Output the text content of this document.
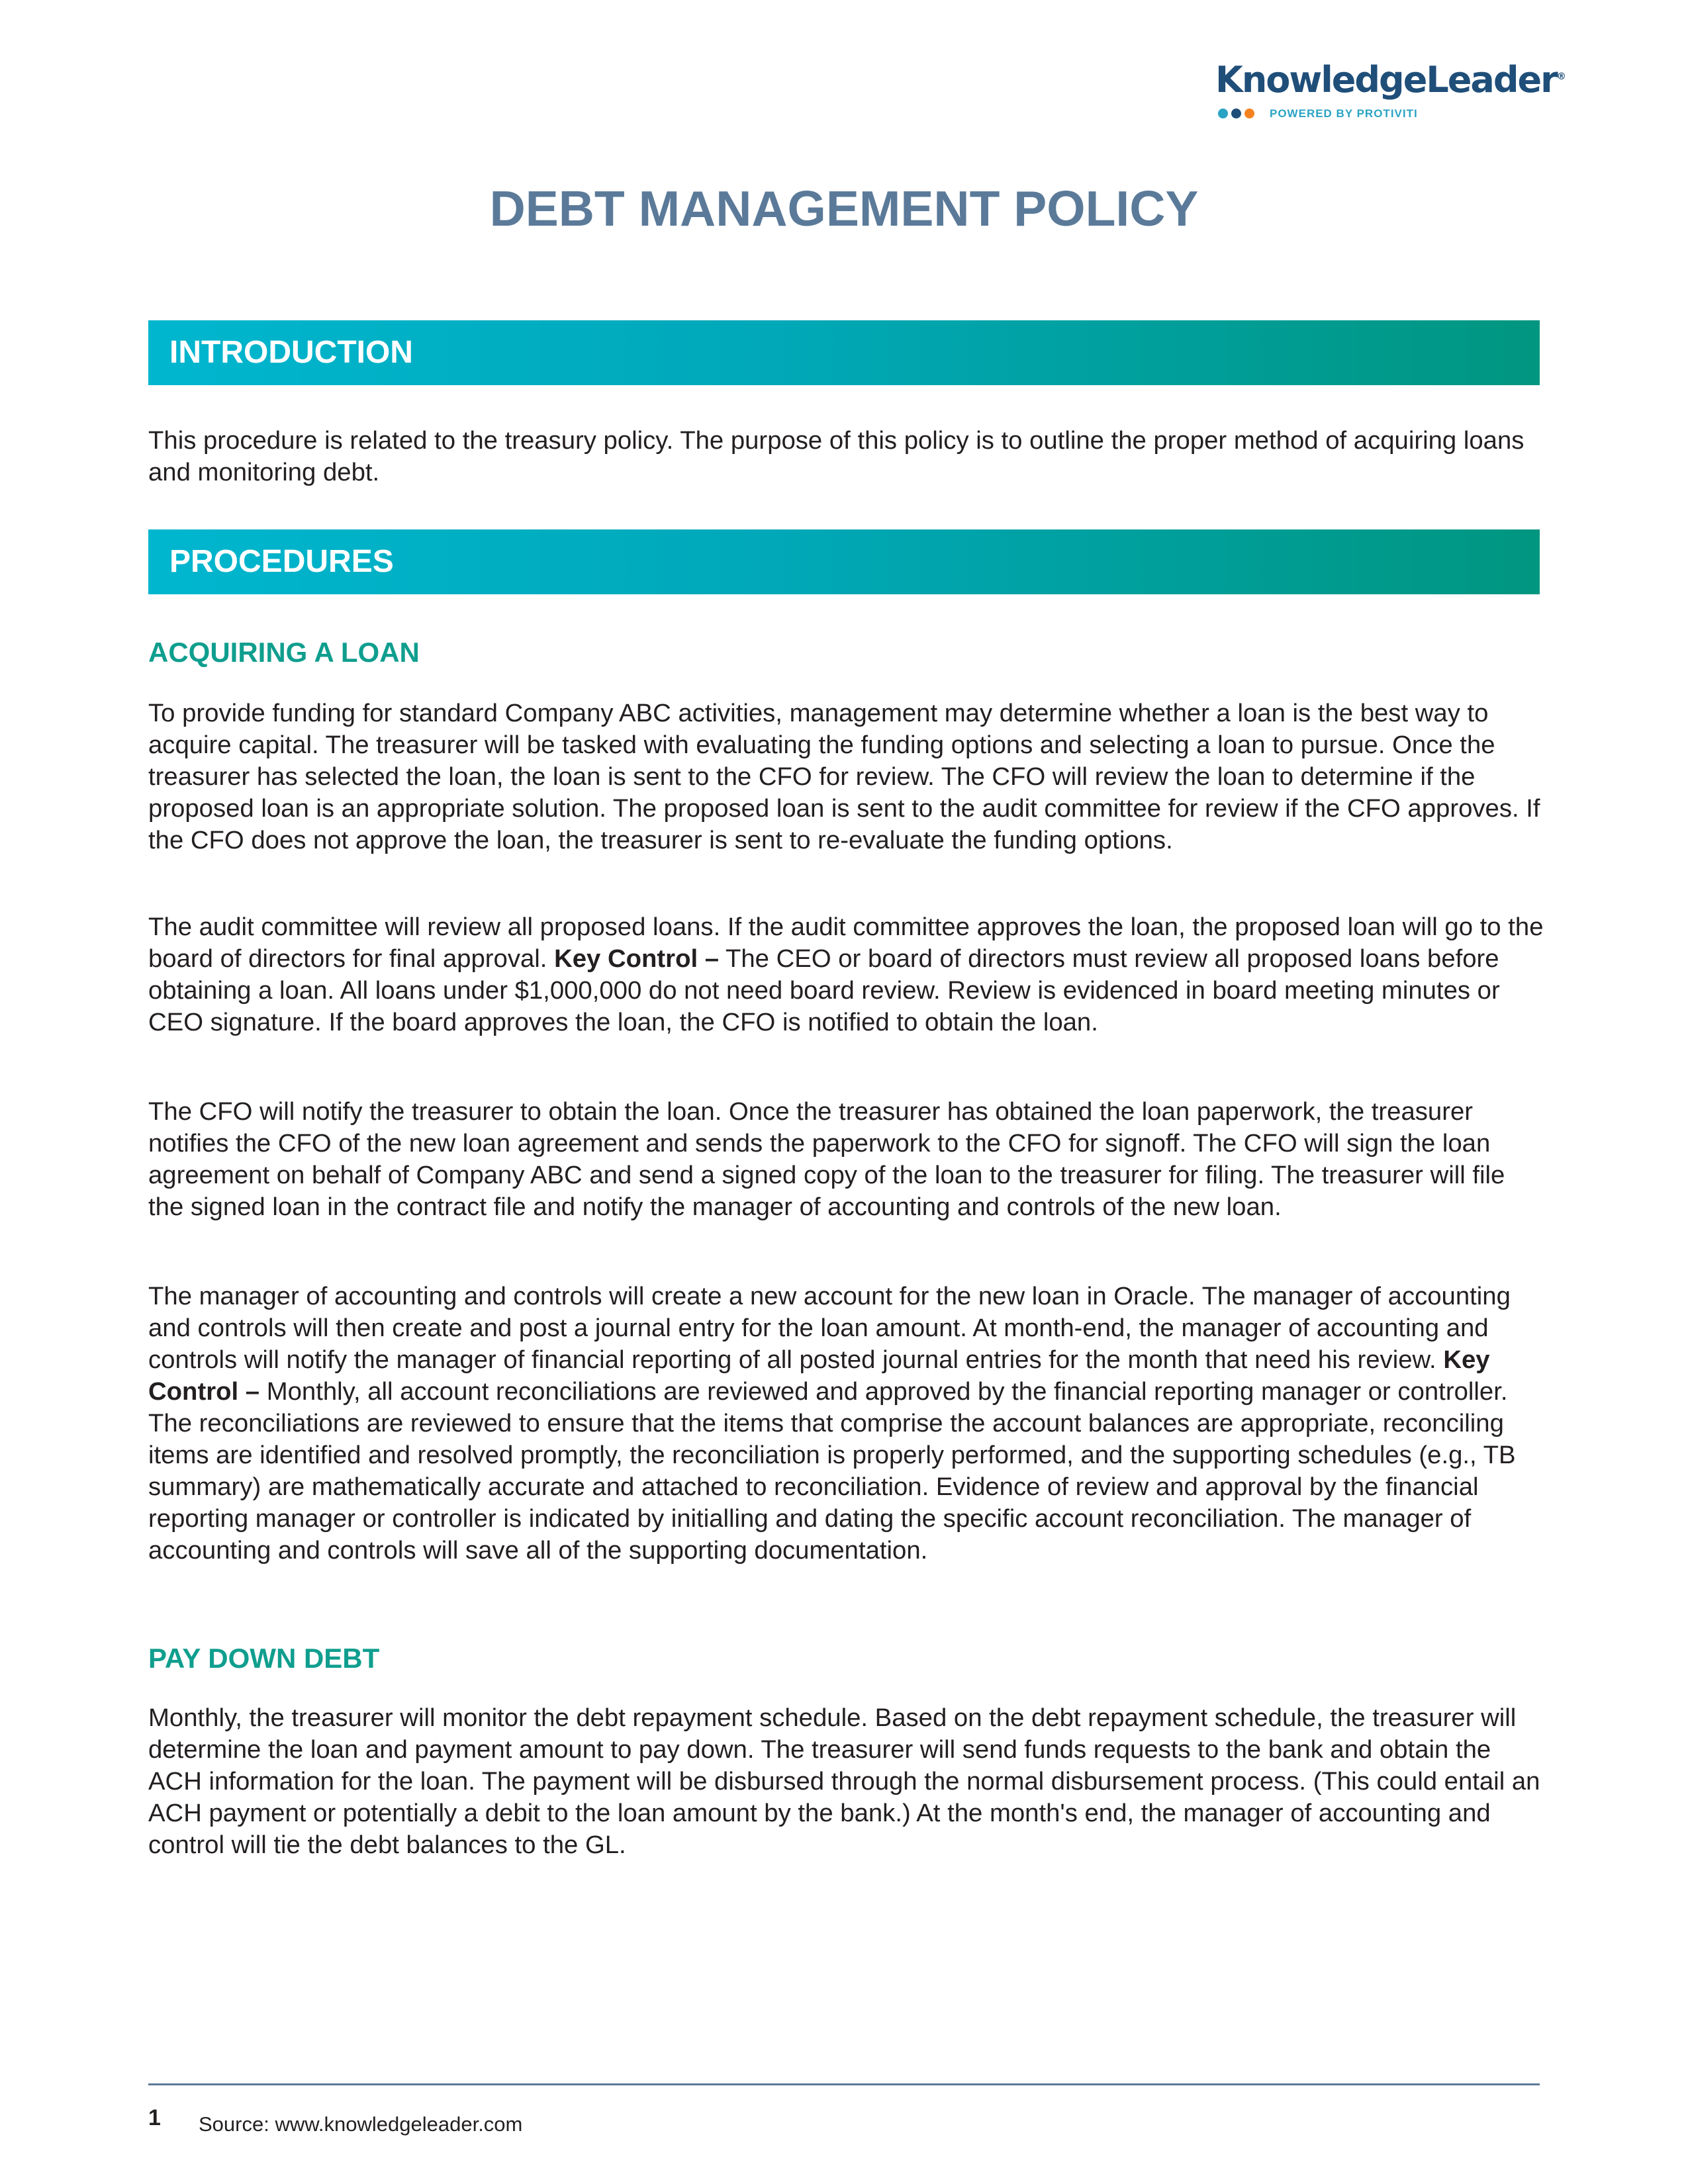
KnowledgeLeader®
POWERED BY PROTIVITI
DEBT MANAGEMENT POLICY
INTRODUCTION

This procedure is related to the treasury policy. The purpose of this policy is to outline the proper method of acquiring loans and monitoring debt.

PROCEDURES
ACQUIRING A LOAN

To provide funding for standard Company ABC activities, management may determine whether a loan is the best way to acquire capital. The treasurer will be tasked with evaluating the funding options and selecting a loan to pursue. Once the treasurer has selected the loan, the loan is sent to the CFO for review. The CFO will review the loan to determine if the proposed loan is an appropriate solution. The proposed loan is sent to the audit committee for review if the CFO approves. If the CFO does not approve the loan, the treasurer is sent to re-evaluate the funding options.

The audit committee will review all proposed loans. If the audit committee approves the loan, the proposed loan will go to the board of directors for final approval. Key Control – The CEO or board of directors must review all proposed loans before obtaining a loan. All loans under $1,000,000 do not need board review. Review is evidenced in board meeting minutes or CEO signature. If the board approves the loan, the CFO is notified to obtain the loan.

The CFO will notify the treasurer to obtain the loan. Once the treasurer has obtained the loan paperwork, the treasurer notifies the CFO of the new loan agreement and sends the paperwork to the CFO for signoff. The CFO will sign the loan agreement on behalf of Company ABC and send a signed copy of the loan to the treasurer for filing. The treasurer will file the signed loan in the contract file and notify the manager of accounting and controls of the new loan.

The manager of accounting and controls will create a new account for the new loan in Oracle. The manager of accounting and controls will then create and post a journal entry for the loan amount. At month-end, the manager of accounting and controls will notify the manager of financial reporting of all posted journal entries for the month that need his review. Key Control – Monthly, all account reconciliations are reviewed and approved by the financial reporting manager or controller. The reconciliations are reviewed to ensure that the items that comprise the account balances are appropriate, reconciling items are identified and resolved promptly, the reconciliation is properly performed, and the supporting schedules (e.g., TB summary) are mathematically accurate and attached to reconciliation. Evidence of review and approval by the financial reporting manager or controller is indicated by initialling and dating the specific account reconciliation. The manager of accounting and controls will save all of the supporting documentation.

PAY DOWN DEBT

Monthly, the treasurer will monitor the debt repayment schedule. Based on the debt repayment schedule, the treasurer will determine the loan and payment amount to pay down. The treasurer will send funds requests to the bank and obtain the ACH information for the loan. The payment will be disbursed through the normal disbursement process. (This could entail an ACH payment or potentially a debit to the loan amount by the bank.) At the month's end, the manager of accounting and control will tie the debt balances to the GL.

1 Source: www.knowledgeleader.com
